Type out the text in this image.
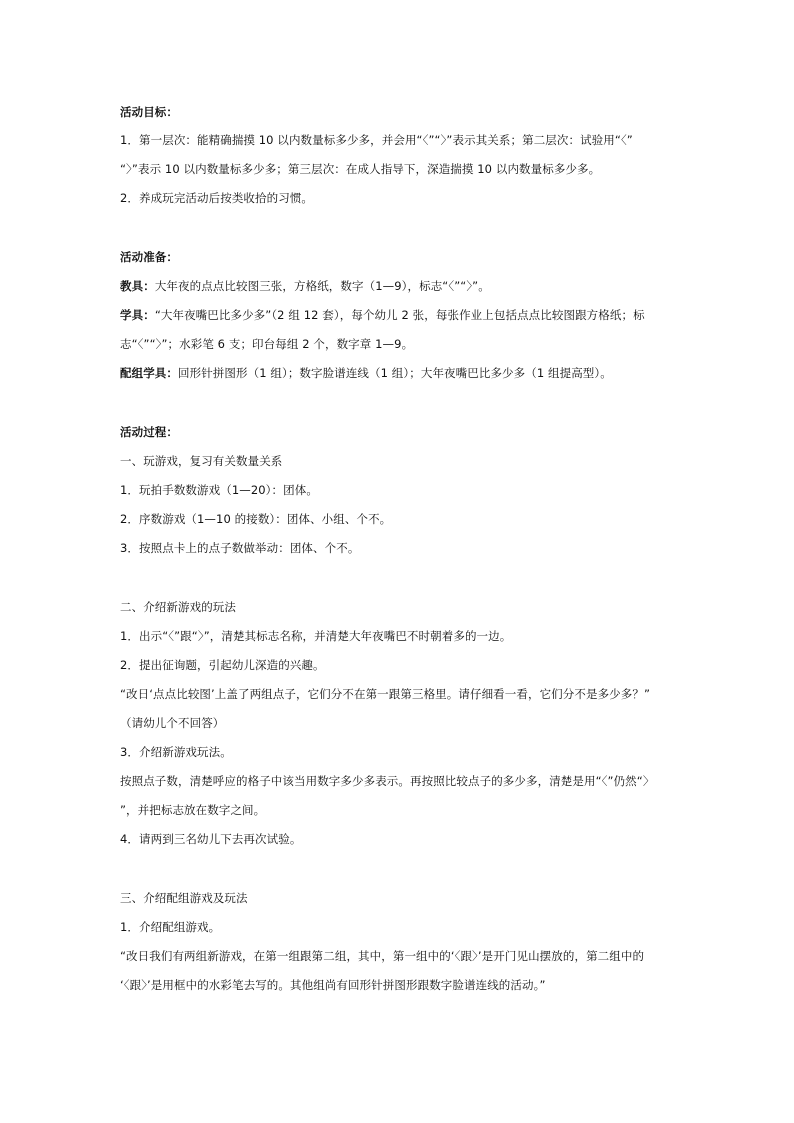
活动目标：
1．第一层次：能精确揣摸 10 以内数量标多少多，并会用“〈”“〉”表示其关系；第二层次：试验用“〈”
“〉”表示 10 以内数量标多少多；第三层次：在成人指导下，深造揣摸 10 以内数量标多少多。
2．养成玩完活动后按类收拾的习惯。
活动准备：
教具：大年夜的点点比较图三张，方格纸，数字（1—9），标志“〈”“〉”。
学具：“大年夜嘴巴比多少多”（2 组 12 套），每个幼儿 2 张，每张作业上包括点点比较图跟方格纸；标
志“〈”“〉”；水彩笔 6 支；印台每组 2 个，数字章 1—9。
配组学具：回形针拼图形（1 组）；数字脸谱连线（1 组）；大年夜嘴巴比多少多（1 组提高型）。
活动过程：
一、玩游戏，复习有关数量关系
1．玩拍手数数游戏（1—20）：团体。
2．序数游戏（1—10 的接数）：团体、小组、个不。
3．按照点卡上的点子数做举动：团体、个不。
二、介绍新游戏的玩法
1．出示“〈”跟“〉”，清楚其标志名称，并清楚大年夜嘴巴不时朝着多的一边。
2．提出征询题，引起幼儿深造的兴趣。
“改日‘点点比较图’上盖了两组点子，它们分不在第一跟第三格里。请仔细看一看，它们分不是多少多？”
（请幼儿个不回答）
3．介绍新游戏玩法。
按照点子数，清楚呼应的格子中该当用数字多少多表示。再按照比较点子的多少多，清楚是用“〈”仍然“〉
”，并把标志放在数字之间。
4．请两到三名幼儿下去再次试验。
三、介绍配组游戏及玩法
1．介绍配组游戏。
“改日我们有两组新游戏，在第一组跟第二组，其中，第一组中的‘〈跟〉’是开门见山摆放的，第二组中的
‘〈跟〉’是用框中的水彩笔去写的。其他组尚有回形针拼图形跟数字脸谱连线的活动。”
